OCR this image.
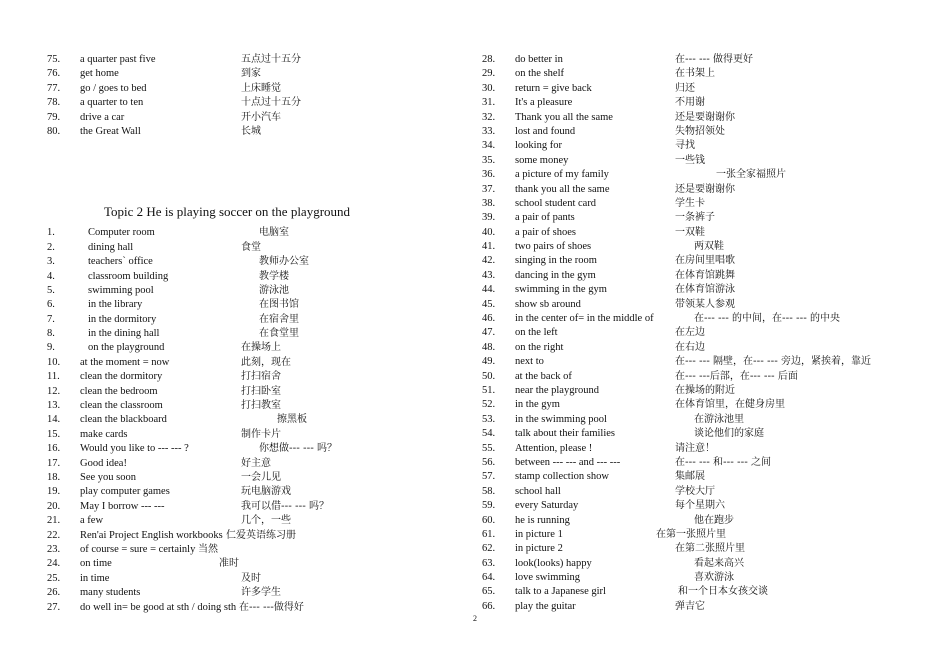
75. a quarter past five	五点过十五分
76. get home	到家
77. go / goes to bed	上床睡觉
78. a quarter to ten	十点过十五分
79. drive a car	开小汽车
80. the Great Wall	长城
Topic 2 He is playing soccer on the playground
1.	Computer room	电脑室
2.	dining hall	食堂
3.	teachers` office	教师办公室
4.	classroom building	教学楼
5.	swimming pool	游泳池
6.	in the library	在图书馆
7.	in the dormitory	在宿舍里
8.	in the dining hall	在食堂里
9.	on the playground	在操场上
10. at the moment = now	此刻，现在
11. clean the dormitory	打扫宿舍
12. clean the bedroom	打扫卧室
13. clean the classroom	打扫教室
14. clean the blackboard	擦黑板
15. make cards	制作卡片
16. Would you like to --- --- ?	你想做--- --- 吗？
17. Good idea!	好主意
18. See you soon	一会儿见
19. play computer games	玩电脑游戏
20. May I borrow --- ---	我可以借--- --- 吗？
21. a few	几个，一些
22. Ren'ai Project English workbooks 仁爱英语练习册
23. of course = sure = certainly 当然
24. on time	准时
25. in time	及时
26. many students	许多学生
27. do well in= be good at sth / doing sth 在--- ---做得好
28. do better in	在--- --- 做得更好
29. on the shelf	在书架上
30. return = give back	归还
31. It's a pleasure	不用谢
32. Thank you all the same	还是要谢谢你
33. lost and found	失物招领处
34. looking for	寻找
35. some money	一些钱
36. a picture of my family	一张全家福照片
37. thank you all the same	还是要谢谢你
38. school student card	学生卡
39. a pair of pants	一条裤子
40. a pair of shoes	一双鞋
41. two pairs of shoes	两双鞋
42. singing in the room	在房间里唱歌
43. dancing in the gym	在体育馆跳舞
44. swimming in the gym	在体育馆游泳
45. show sb around	带领某人参观
46. in the center of= in the middle of	在--- --- 的中间，在--- --- 的中央
47. on the left	在左边
48. on the right	在右边
49. next to	在--- --- 隔壁，在--- --- 旁边，紧挨着，靠近
50. at the back of	在--- ---后部，在--- --- 后面
51. near the playground	在操场的附近
52. in the gym	在体育馆里，在健身房里
53. in the swimming pool	在游泳池里
54. talk about their families	谈论他们的家庭
55. Attention, please !	请注意！
56. between --- --- and --- ---	在--- --- 和--- --- 之间
57. stamp collection show	集邮展
58. school hall	学校大厅
59. every Saturday	每个星期六
60. he is running	他在跑步
61. in picture 1	在第一张照片里
62. in picture 2	在第二张照片里
63. look(looks) happy	看起来高兴
64. love swimming	喜欢游泳
65. talk to a Japanese girl	和一个日本女孩交谈
66. play the guitar	弹吉它
2
